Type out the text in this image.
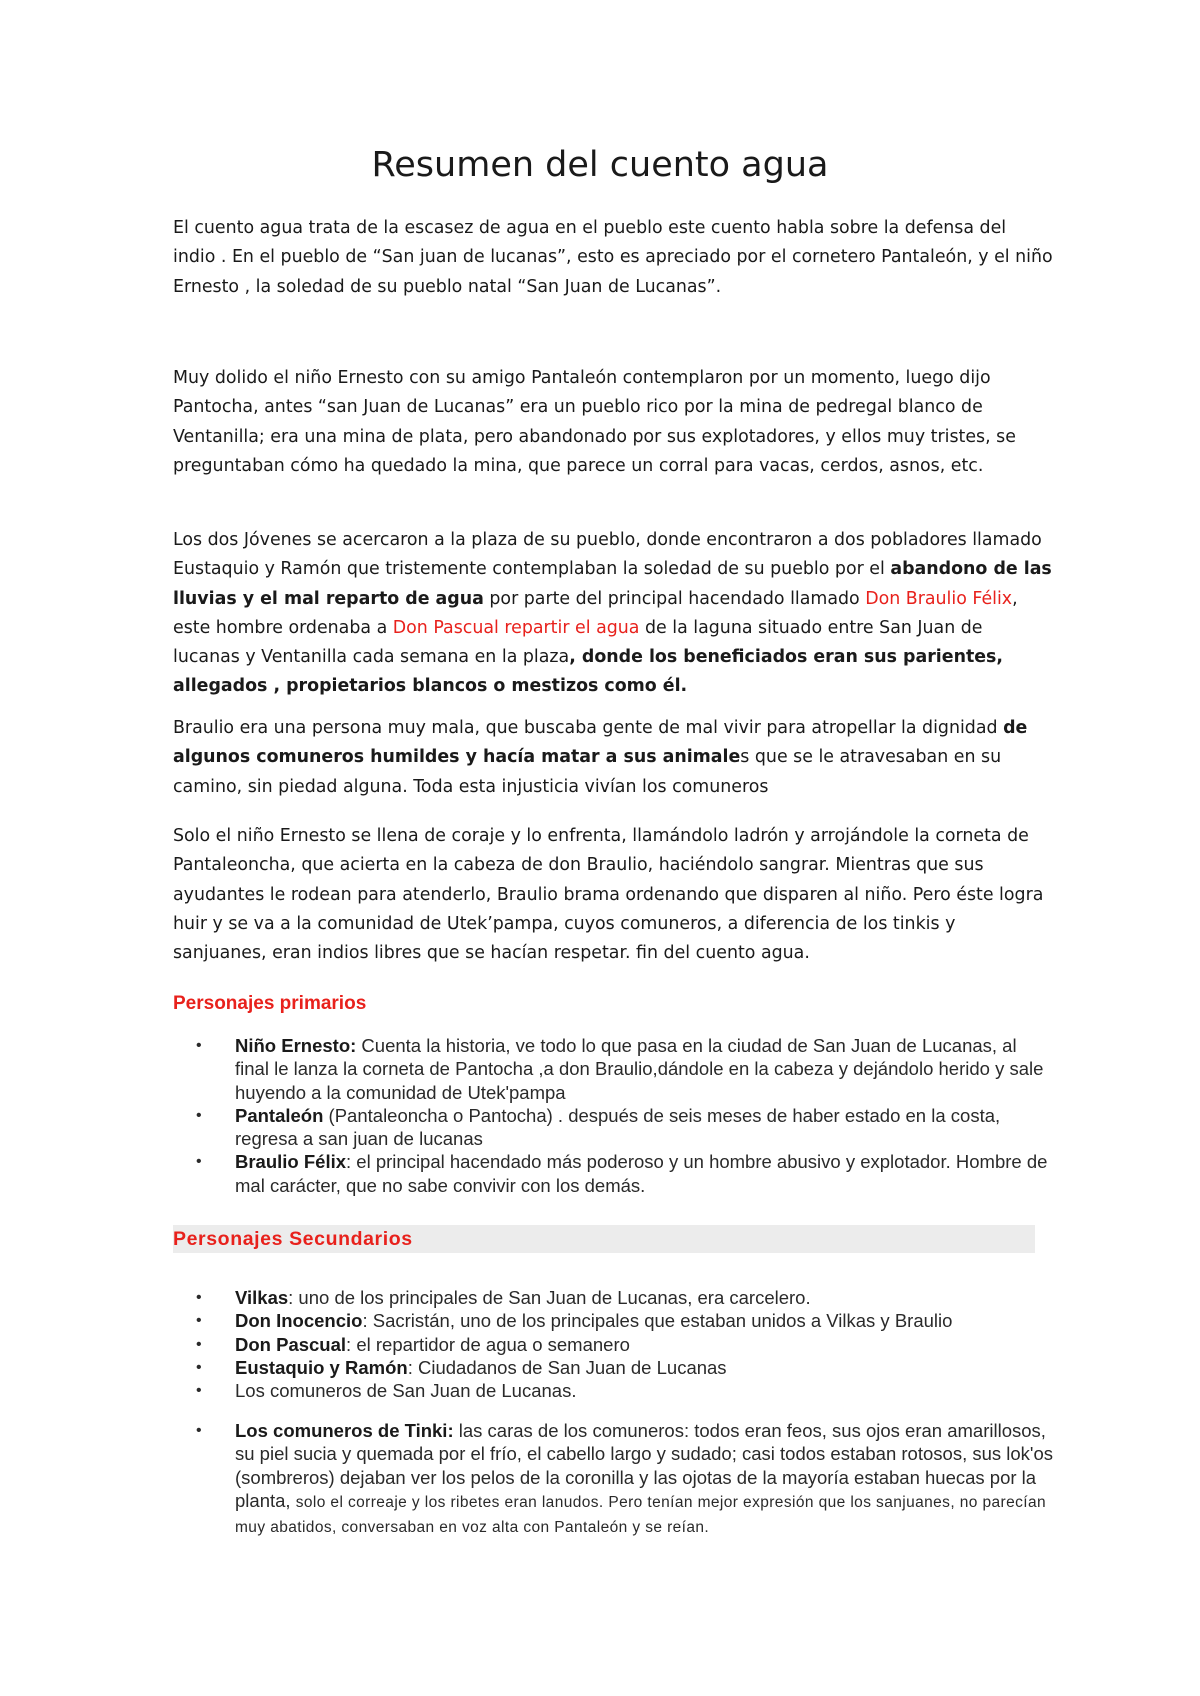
Resumen del cuento agua

El cuento agua trata de la escasez de agua en el pueblo este cuento habla sobre la defensa del indio . En el pueblo de “San juan de lucanas”, esto es apreciado por el cornetero Pantaleón, y el niño Ernesto , la soledad de su pueblo natal “San Juan de Lucanas”.

Muy dolido el niño Ernesto con su amigo Pantaleón contemplaron por un momento, luego dijo Pantocha, antes “san Juan de Lucanas” era un pueblo rico por la mina de pedregal blanco de Ventanilla; era una mina de plata, pero abandonado por sus explotadores, y ellos muy tristes, se preguntaban cómo ha quedado la mina, que parece un corral para vacas, cerdos, asnos, etc.

Los dos Jóvenes se acercaron a la plaza de su pueblo, donde encontraron a dos pobladores llamado Eustaquio y Ramón que tristemente contemplaban la soledad de su pueblo por el abandono de las lluvias y el mal reparto de agua por parte del principal hacendado llamado Don Braulio Félix, este hombre ordenaba a Don Pascual repartir el agua de la laguna situado entre San Juan de lucanas y Ventanilla cada semana en la plaza, donde los beneficiados eran sus parientes, allegados , propietarios blancos o mestizos como él.

Braulio era una persona muy mala, que buscaba gente de mal vivir para atropellar la dignidad de algunos comuneros humildes y hacía matar a sus animales que se le atravesaban en su camino, sin piedad alguna. Toda esta injusticia vivían los comuneros

Solo el niño Ernesto se llena de coraje y lo enfrenta, llamándolo ladrón y arrojándole la corneta de Pantaleoncha, que acierta en la cabeza de don Braulio, haciéndolo sangrar. Mientras que sus ayudantes le rodean para atenderlo, Braulio brama ordenando que disparen al niño. Pero éste logra huir y se va a la comunidad de Utek’pampa, cuyos comuneros, a diferencia de los tinkis y sanjuanes, eran indios libres que se hacían respetar. fin del cuento agua.

Personajes primarios
• Niño Ernesto: Cuenta la historia, ve todo lo que pasa en la ciudad de San Juan de Lucanas, al final le lanza la corneta de Pantocha ,a don Braulio,dándole en la cabeza y dejándolo herido y sale huyendo a la comunidad de Utek'pampa
• Pantaleón (Pantaleoncha o Pantocha) . después de seis meses de haber estado en la costa, regresa a san juan de lucanas
• Braulio Félix: el principal hacendado más poderoso y un hombre abusivo y explotador. Hombre de mal carácter, que no sabe convivir con los demás.
Personajes Secundarios
• Vilkas: uno de los principales de San Juan de Lucanas, era carcelero.
• Don Inocencio: Sacristán, uno de los principales que estaban unidos a Vilkas y Braulio
• Don Pascual: el repartidor de agua o semanero
• Eustaquio y Ramón: Ciudadanos de San Juan de Lucanas
• Los comuneros de San Juan de Lucanas.
• Los comuneros de Tinki: las caras de los comuneros: todos eran feos, sus ojos eran amarillosos, su piel sucia y quemada por el frío, el cabello largo y sudado; casi todos estaban rotosos, sus lok'os (sombreros) dejaban ver los pelos de la coronilla y las ojotas de la mayoría estaban huecas por la planta, solo el correaje y los ribetes eran lanudos. Pero tenían mejor expresión que los sanjuanes, no parecían muy abatidos, conversaban en voz alta con Pantaleón y se reían.
